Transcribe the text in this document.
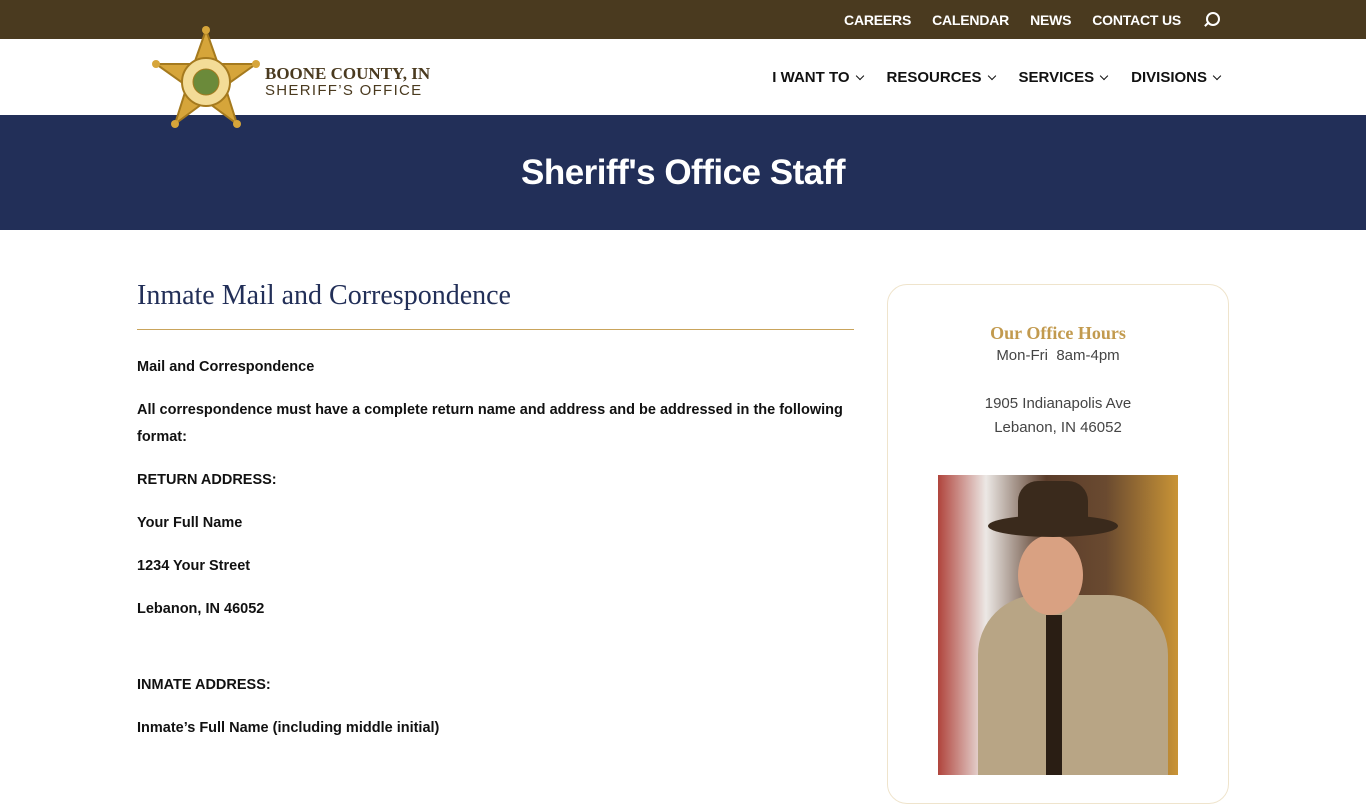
CAREERS CALENDAR NEWS CONTACT US
BOONE COUNTY, IN
SHERIFF’S OFFICE
I WANT TO RESOURCES SERVICES DIVISIONS
Sheriff's Office Staff
Inmate Mail and Correspondence

Mail and Correspondence

All correspondence must have a complete return name and address and be addressed in the following format:

RETURN ADDRESS:

Your Full Name

1234 Your Street

Lebanon, IN 46052

INMATE ADDRESS:

Inmate’s Full Name (including middle initial)

Our Office Hours
Mon-Fri  8am-4pm
1905 Indianapolis Ave
Lebanon, IN 46052
